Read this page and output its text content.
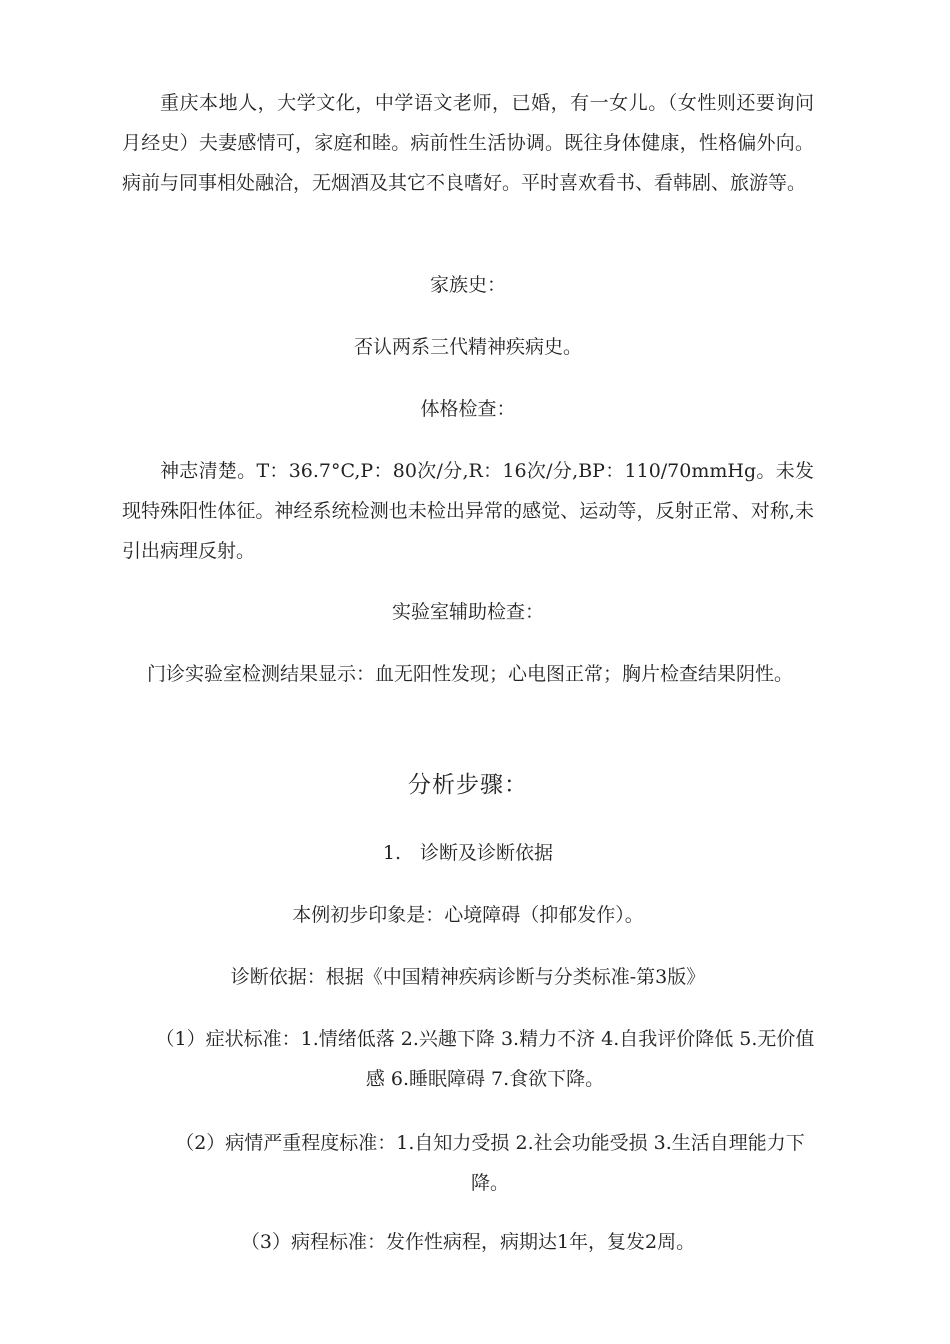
重庆本地人，大学文化，中学语文老师，已婚，有一女儿。（女性则还要询问月经史）夫妻感情可，家庭和睦。病前性生活协调。既往身体健康，性格偏外向。病前与同事相处融洽，无烟酒及其它不良嗜好。平时喜欢看书、看韩剧、旅游等。

家族史：

否认两系三代精神疾病史。

体格检查：

神志清楚。T：36.7°C,P：80次/分,R：16次/分,BP：110/70mmHg。未发现特殊阳性体征。神经系统检测也未检出异常的感觉、运动等，反射正常、对称,未引出病理反射。

实验室辅助检查：

门诊实验室检测结果显示：血无阳性发现；心电图正常；胸片检查结果阴性。

分析步骤：

1.　诊断及诊断依据

本例初步印象是：心境障碍（抑郁发作）。

诊断依据：根据《中国精神疾病诊断与分类标准-第3版》

（1）症状标准：1.情绪低落 2.兴趣下降 3.精力不济 4.自我评价降低 5.无价值感 6.睡眠障碍 7.食欲下降。

（2）病情严重程度标准：1.自知力受损 2.社会功能受损 3.生活自理能力下降。

（3）病程标准：发作性病程，病期达1年，复发2周。
